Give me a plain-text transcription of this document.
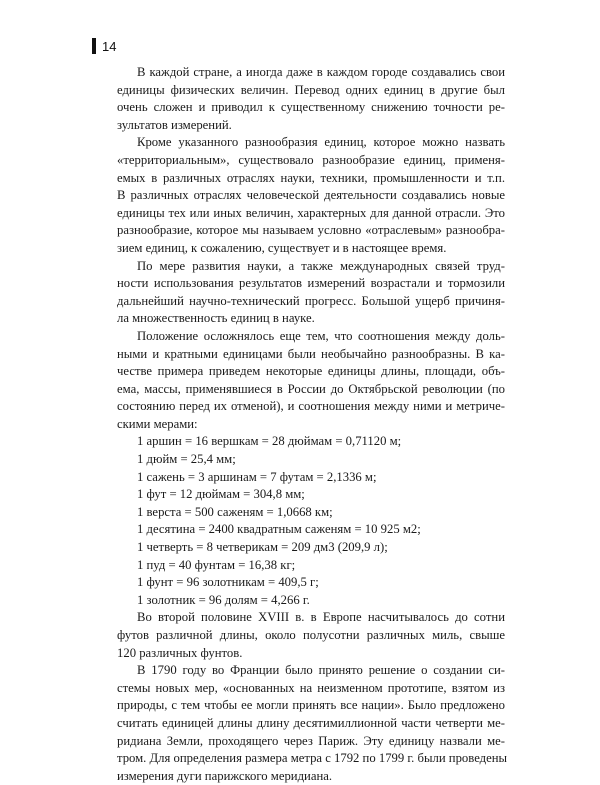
14

В каждой стране, а иногда даже в каждом городе создавались свои
единицы физических величин. Перевод одних единиц в другие был
очень сложен и приводил к существенному снижению точности ре-
зультатов измерений.

Кроме указанного разнообразия единиц, которое можно назвать
«территориальным», существовало разнообразие единиц, применя-
емых в различных отраслях науки, техники, промышленности и т.п.
В различных отраслях человеческой деятельности создавались новые
единицы тех или иных величин, характерных для данной отрасли. Это
разнообразие, которое мы называем условно «отраслевым» разнообра-
зием единиц, к сожалению, существует и в настоящее время.

По мере развития науки, а также международных связей труд-
ности использования результатов измерений возрастали и тормозили
дальнейший научно-технический прогресс. Большой ущерб причиня-
ла множественность единиц в науке.

Положение осложнялось еще тем, что соотношения между доль-
ными и кратными единицами были необычайно разнообразны. В ка-
честве примера приведем некоторые единицы длины, площади, объ-
ема, массы, применявшиеся в России до Октябрьской революции (по
состоянию перед их отменой), и соотношения между ними и метриче-
скими мерами:

1 аршин = 16 вершкам = 28 дюймам = 0,71120 м;
1 дюйм = 25,4 мм;
1 сажень = 3 аршинам = 7 футам = 2,1336 м;
1 фут = 12 дюймам = 304,8 мм;
1 верста = 500 саженям = 1,0668 км;
1 десятина = 2400 квадратным саженям = 10 925 м2;
1 четверть = 8 четверикам = 209 дм3 (209,9 л);
1 пуд = 40 фунтам = 16,38 кг;
1 фунт = 96 золотникам = 409,5 г;
1 золотник = 96 долям = 4,266 г.

Во второй половине XVIII в. в Европе насчитывалось до сотни
футов различной длины, около полусотни различных миль, свыше
120 различных фунтов.

В 1790 году во Франции было принято решение о создании си-
стемы новых мер, «основанных на неизменном прототипе, взятом из
природы, с тем чтобы ее могли принять все нации». Было предложено
считать единицей длины длину десятимиллионной части четверти ме-
ридиана Земли, проходящего через Париж. Эту единицу назвали ме-
тром. Для определения размера метра с 1792 по 1799 г. были проведены
измерения дуги парижского меридиана.
